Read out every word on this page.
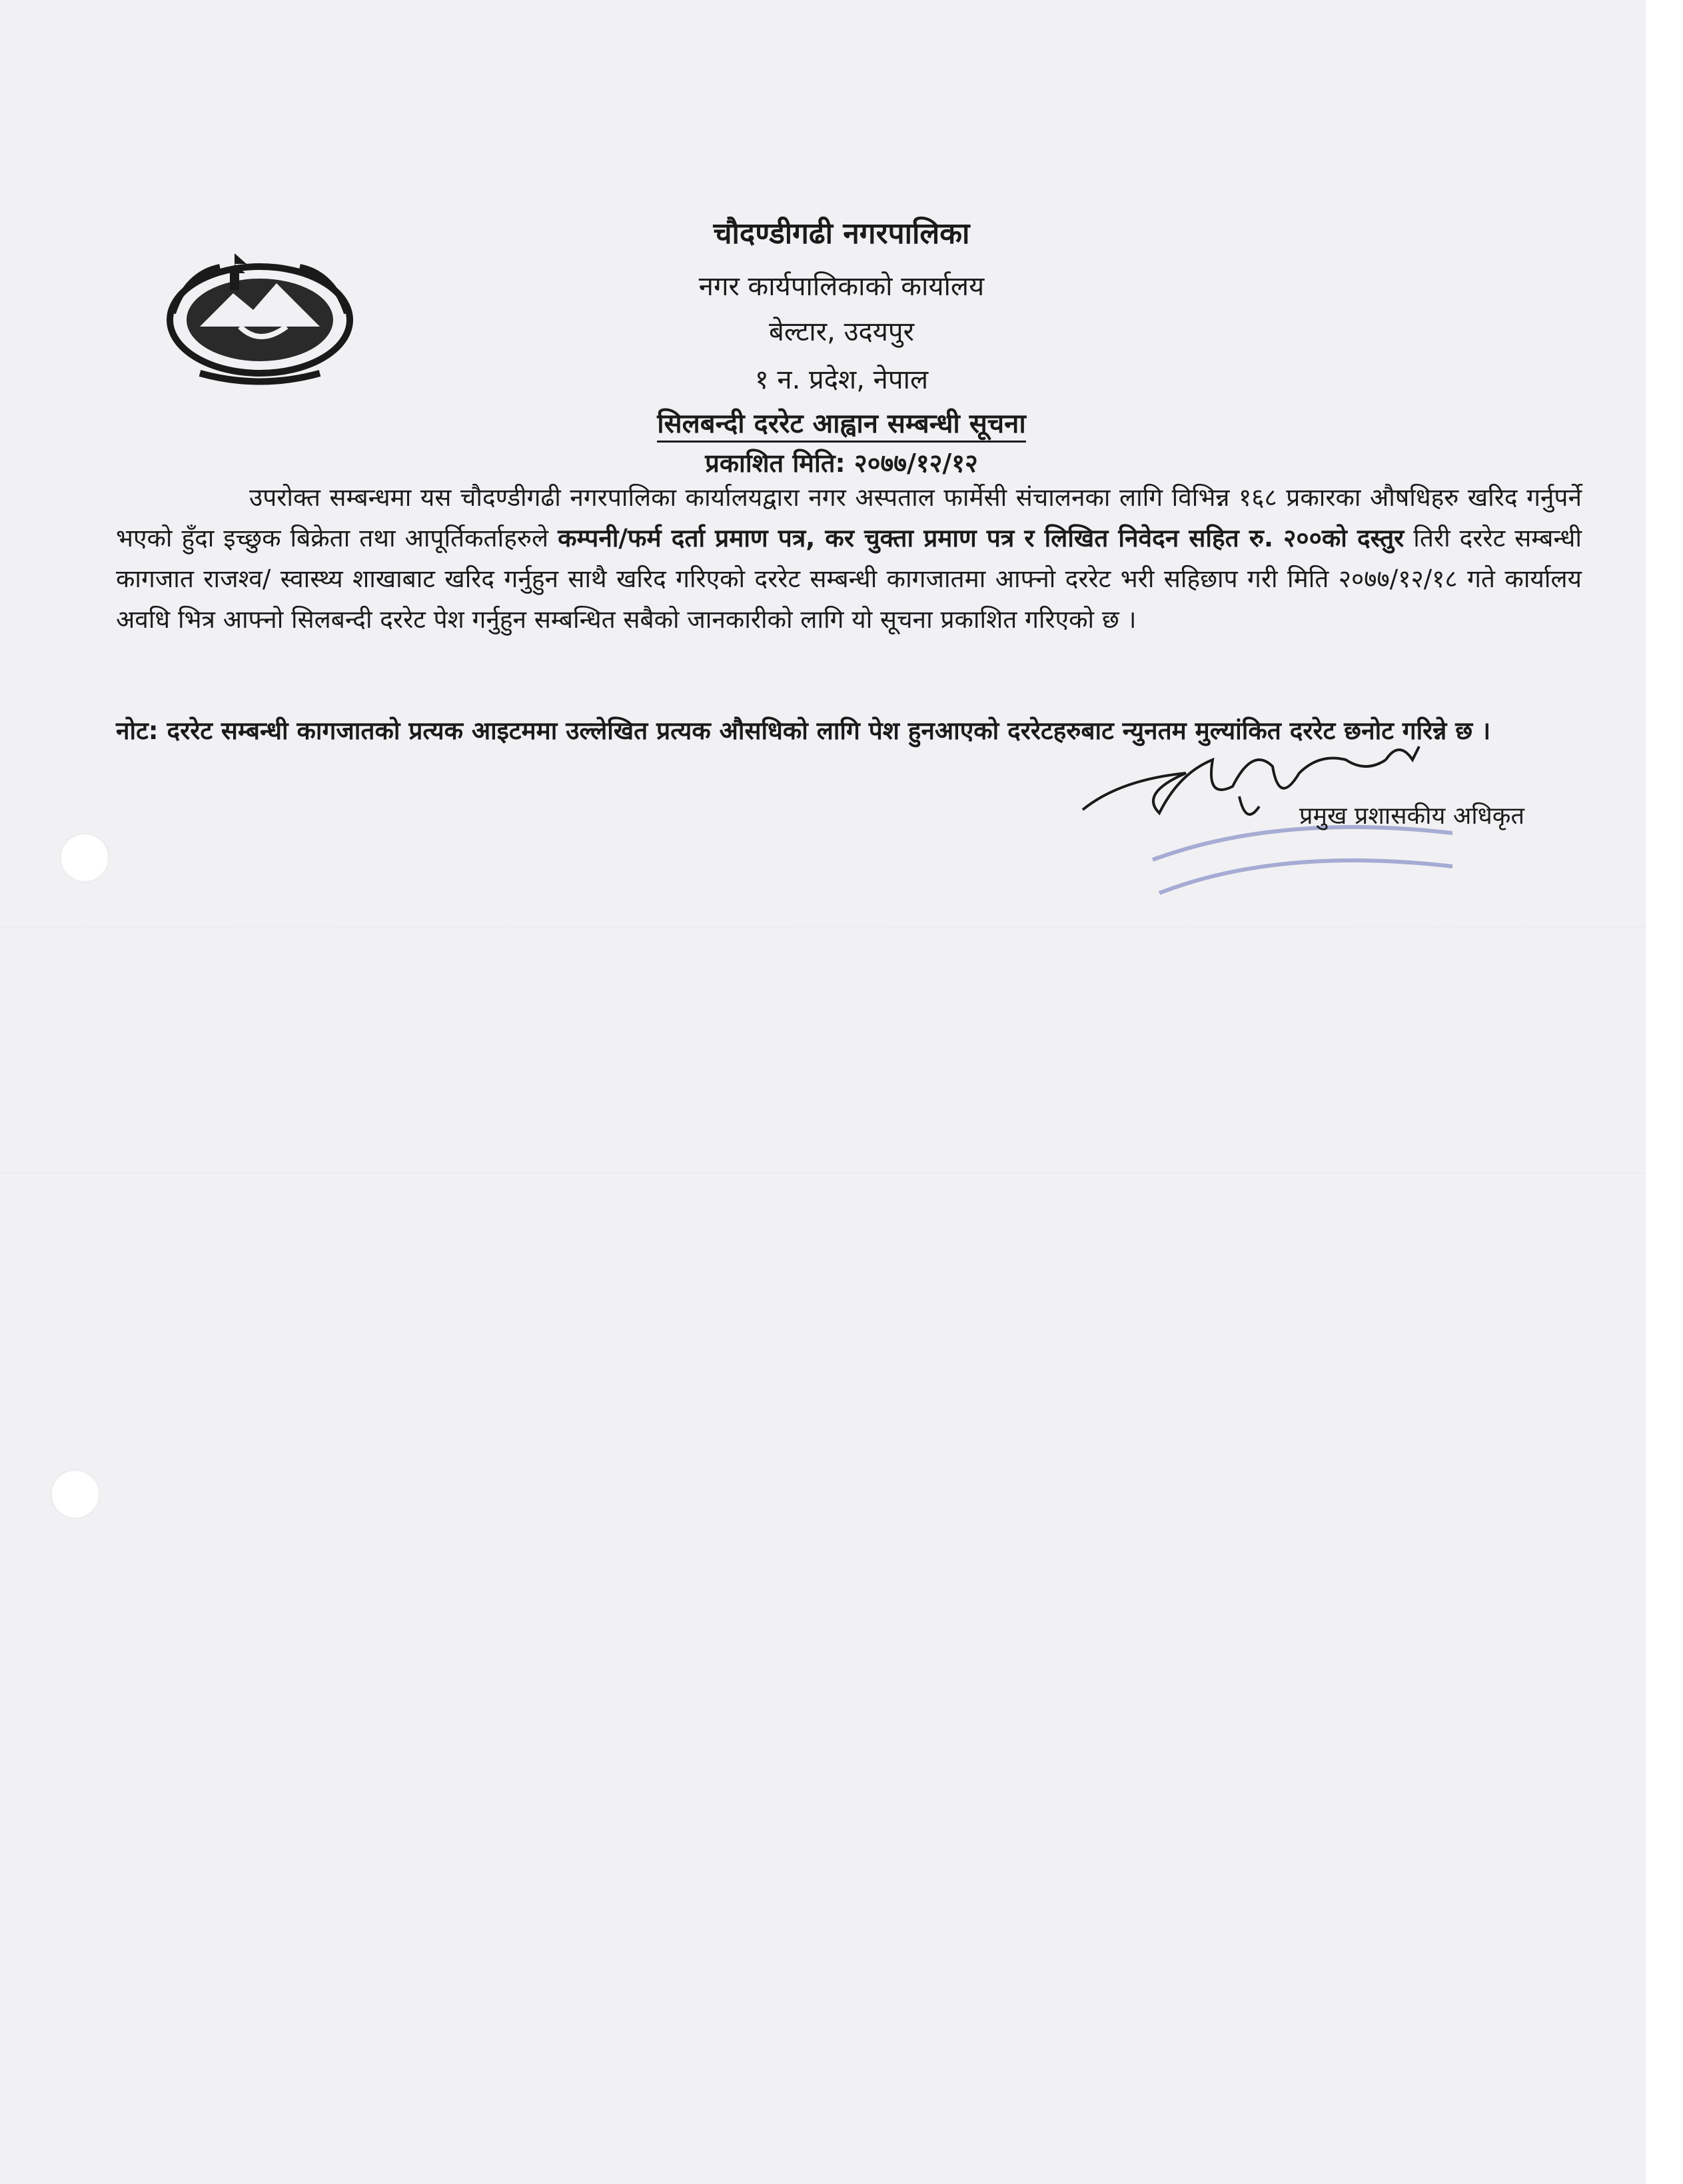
चौदण्डीगढी नगरपालिका
नगर कार्यपालिकाको कार्यालय
बेल्टार, उदयपुर
१ न. प्रदेश, नेपाल
सिलबन्दी दररेट आह्वान सम्बन्धी सूचना
प्रकाशित मिति: २०७७/१२/१२
उपरोक्त सम्बन्धमा यस चौदण्डीगढी नगरपालिका कार्यालयद्वारा नगर अस्पताल फार्मेसी संचालनका लागि विभिन्न १६८ प्रकारका औषधिहरु खरिद गर्नुपर्ने भएको हुँदा इच्छुक बिक्रेता तथा आपूर्तिकर्ताहरुले कम्पनी/फर्म दर्ता प्रमाण पत्र, कर चुक्ता प्रमाण पत्र र लिखित निवेदन सहित रु. २००को दस्तुर तिरी दररेट सम्बन्धी कागजात राजश्व/ स्वास्थ्य शाखाबाट खरिद गर्नुहुन साथै खरिद गरिएको दररेट सम्बन्धी कागजातमा आफ्नो दररेट भरी सहिछाप गरी मिति २०७७/१२/१८ गते कार्यालय अवधि भित्र आफ्नो सिलबन्दी दररेट पेश गर्नुहुन सम्बन्धित सबैको जानकारीको लागि यो सूचना प्रकाशित गरिएको छ ।
नोट: दररेट सम्बन्धी कागजातको प्रत्यक आइटममा उल्लेखित प्रत्यक औसधिको लागि पेश हुनआएको दररेटहरुबाट न्युनतम मुल्यांकित दररेट छनोट गरिन्ने छ ।
प्रमुख प्रशासकीय अधिकृत
